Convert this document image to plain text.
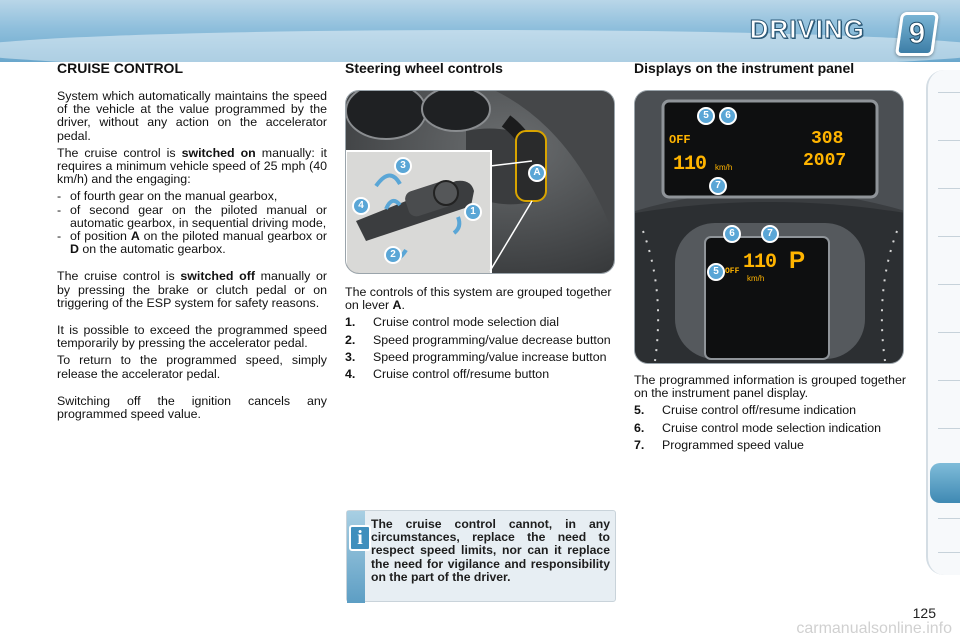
DRIVING 9
CRUISE CONTROL

System which automatically maintains the speed of the vehicle at the value programmed by the driver, without any action on the accelerator pedal.

The cruise control is switched on manually: it requires a minimum vehicle speed of 25 mph (40 km/h) and the engaging:

- of fourth gear on the manual gearbox,
- of second gear on the piloted manual or automatic gearbox, in sequential driving mode,
- of position A on the piloted manual gearbox or D on the automatic gearbox.

The cruise control is switched off manually or by pressing the brake or clutch pedal or on triggering of the ESP system for safety reasons.

It is possible to exceed the programmed speed temporarily by pressing the accelerator pedal.

To return to the programmed speed, simply release the accelerator pedal.

Switching off the ignition cancels any programmed speed value.

Steering wheel controls
1
2
3
4
A

The controls of this system are grouped together on lever A.

1.	Cruise control mode selection dial
2.	Speed programming/value decrease button
3.	Speed programming/value increase button
4.	Cruise control off/resume button
Displays on the instrument panel
OFF
110 km/h
308
2007
5	6
7
110
km/h
OFF P
6	7
5

The programmed information is grouped together on the instrument panel display.

5.	Cruise control off/resume indication
6.	Cruise control mode selection indication
7.	Programmed speed value
i
The cruise control cannot, in any circumstances, replace the need to respect speed limits, nor can it replace the need for vigilance and responsibility on the part of the driver.
125
carmanualsonline.info
